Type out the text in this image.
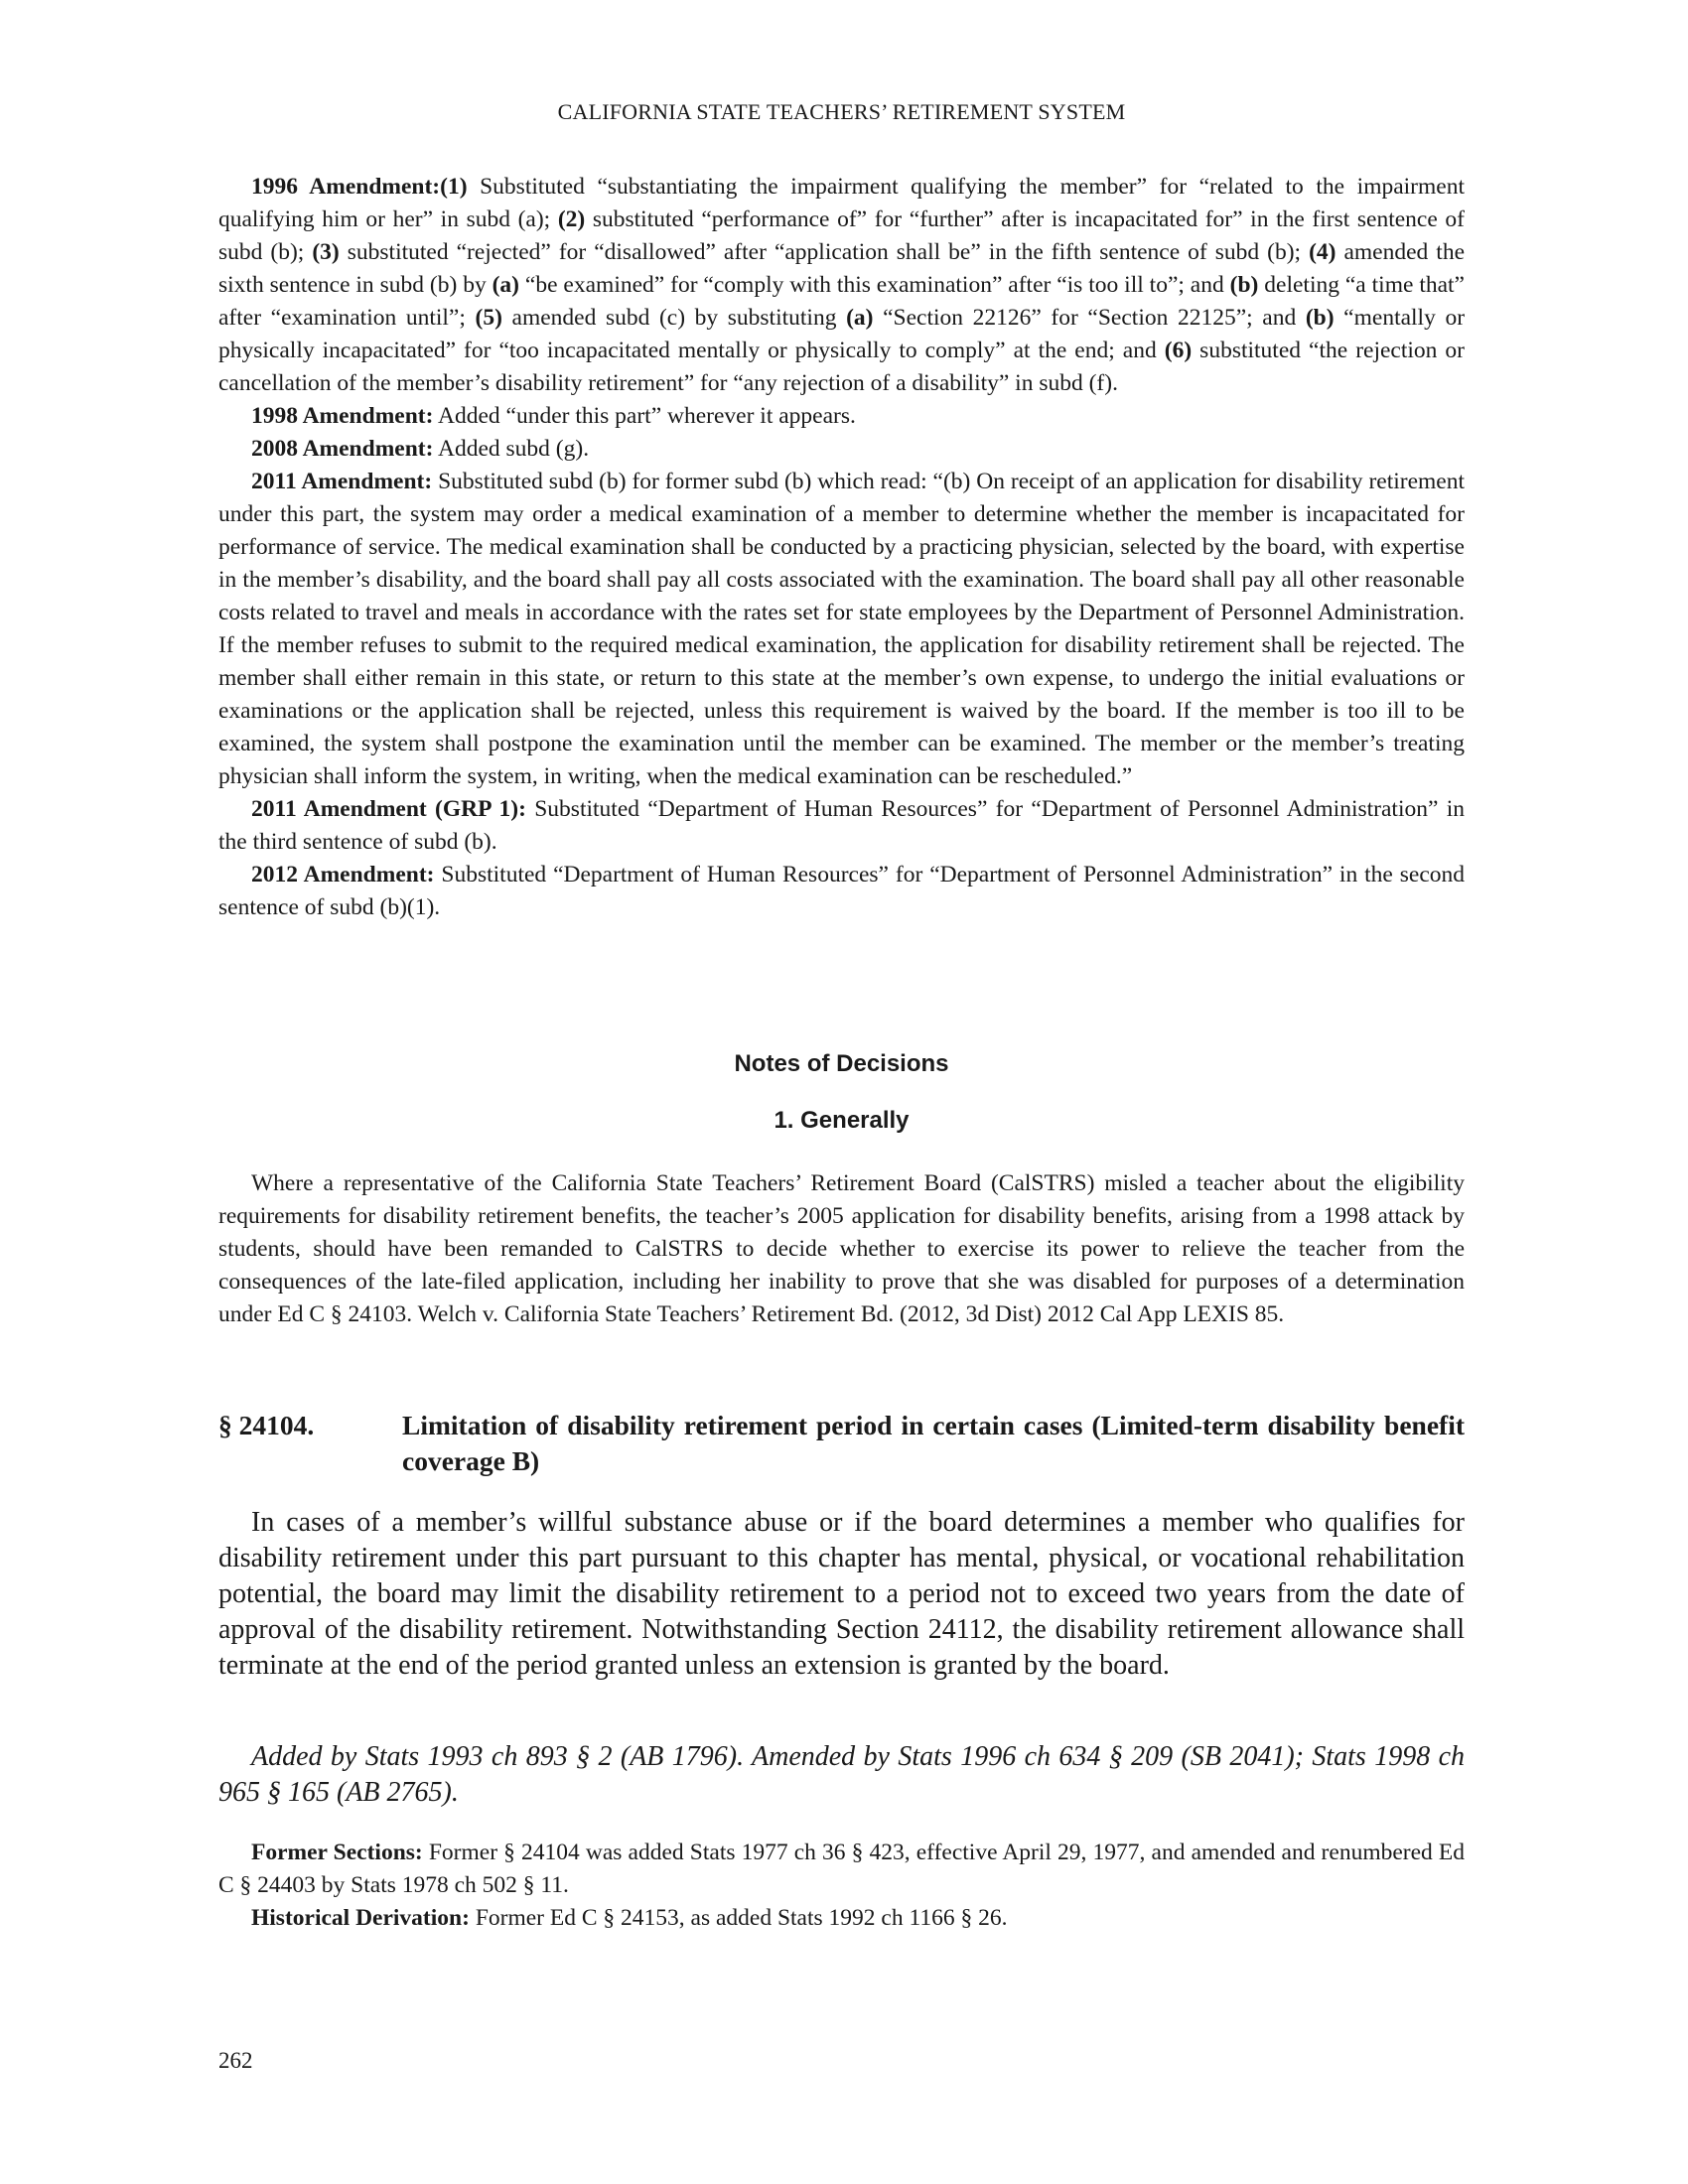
CALIFORNIA STATE TEACHERS’ RETIREMENT SYSTEM

1996 Amendment:(1) Substituted “substantiating the impairment qualifying the member” for “related to the impairment qualifying him or her” in subd (a); (2) substituted “performance of” for “further” after is incapacitated for” in the first sentence of subd (b); (3) substituted “rejected” for “disallowed” after “application shall be” in the fifth sentence of subd (b); (4) amended the sixth sentence in subd (b) by (a) “be examined” for “comply with this examination” after “is too ill to”; and (b) deleting “a time that” after “examination until”; (5) amended subd (c) by substituting (a) “Section 22126” for “Section 22125”; and (b) “mentally or physically incapacitated” for “too incapacitated mentally or physically to comply” at the end; and (6) substituted “the rejection or cancellation of the member’s disability retirement” for “any rejection of a disability” in subd (f).

1998 Amendment: Added “under this part” wherever it appears.

2008 Amendment: Added subd (g).

2011 Amendment: Substituted subd (b) for former subd (b) which read: “(b) On receipt of an application for disability retirement under this part, the system may order a medical examination of a member to determine whether the member is incapacitated for performance of service. The medical examination shall be conducted by a practicing physician, selected by the board, with expertise in the member’s disability, and the board shall pay all costs associated with the examination. The board shall pay all other reasonable costs related to travel and meals in accordance with the rates set for state employees by the Department of Personnel Administration. If the member refuses to submit to the required medical examination, the application for disability retirement shall be rejected. The member shall either remain in this state, or return to this state at the member’s own expense, to undergo the initial evaluations or examinations or the application shall be rejected, unless this requirement is waived by the board. If the member is too ill to be examined, the system shall postpone the examination until the member can be examined. The member or the member’s treating physician shall inform the system, in writing, when the medical examination can be rescheduled.”

2011 Amendment (GRP 1): Substituted “Department of Human Resources” for “Department of Personnel Administration” in the third sentence of subd (b).

2012 Amendment: Substituted “Department of Human Resources” for “Department of Personnel Administration” in the second sentence of subd (b)(1).

Notes of Decisions
1. Generally

Where a representative of the California State Teachers’ Retirement Board (CalSTRS) misled a teacher about the eligibility requirements for disability retirement benefits, the teacher’s 2005 application for disability benefits, arising from a 1998 attack by students, should have been remanded to CalSTRS to decide whether to exercise its power to relieve the teacher from the consequences of the late-filed application, including her inability to prove that she was disabled for purposes of a determination under Ed C § 24103. Welch v. California State Teachers’ Retirement Bd. (2012, 3d Dist) 2012 Cal App LEXIS 85.

§ 24104.	Limitation of disability retirement period in certain cases (Limited-term disability benefit coverage B)

In cases of a member’s willful substance abuse or if the board determines a member who qualifies for disability retirement under this part pursuant to this chapter has mental, physical, or vocational rehabilitation potential, the board may limit the disability retirement to a period not to exceed two years from the date of approval of the disability retirement. Notwithstanding Section 24112, the disability retirement allowance shall terminate at the end of the period granted unless an extension is granted by the board.

Added by Stats 1993 ch 893 § 2 (AB 1796). Amended by Stats 1996 ch 634 § 209 (SB 2041); Stats 1998 ch 965 § 165 (AB 2765).

Former Sections: Former § 24104 was added Stats 1977 ch 36 § 423, effective April 29, 1977, and amended and renumbered Ed C § 24403 by Stats 1978 ch 502 § 11.

Historical Derivation: Former Ed C § 24153, as added Stats 1992 ch 1166 § 26.

262
